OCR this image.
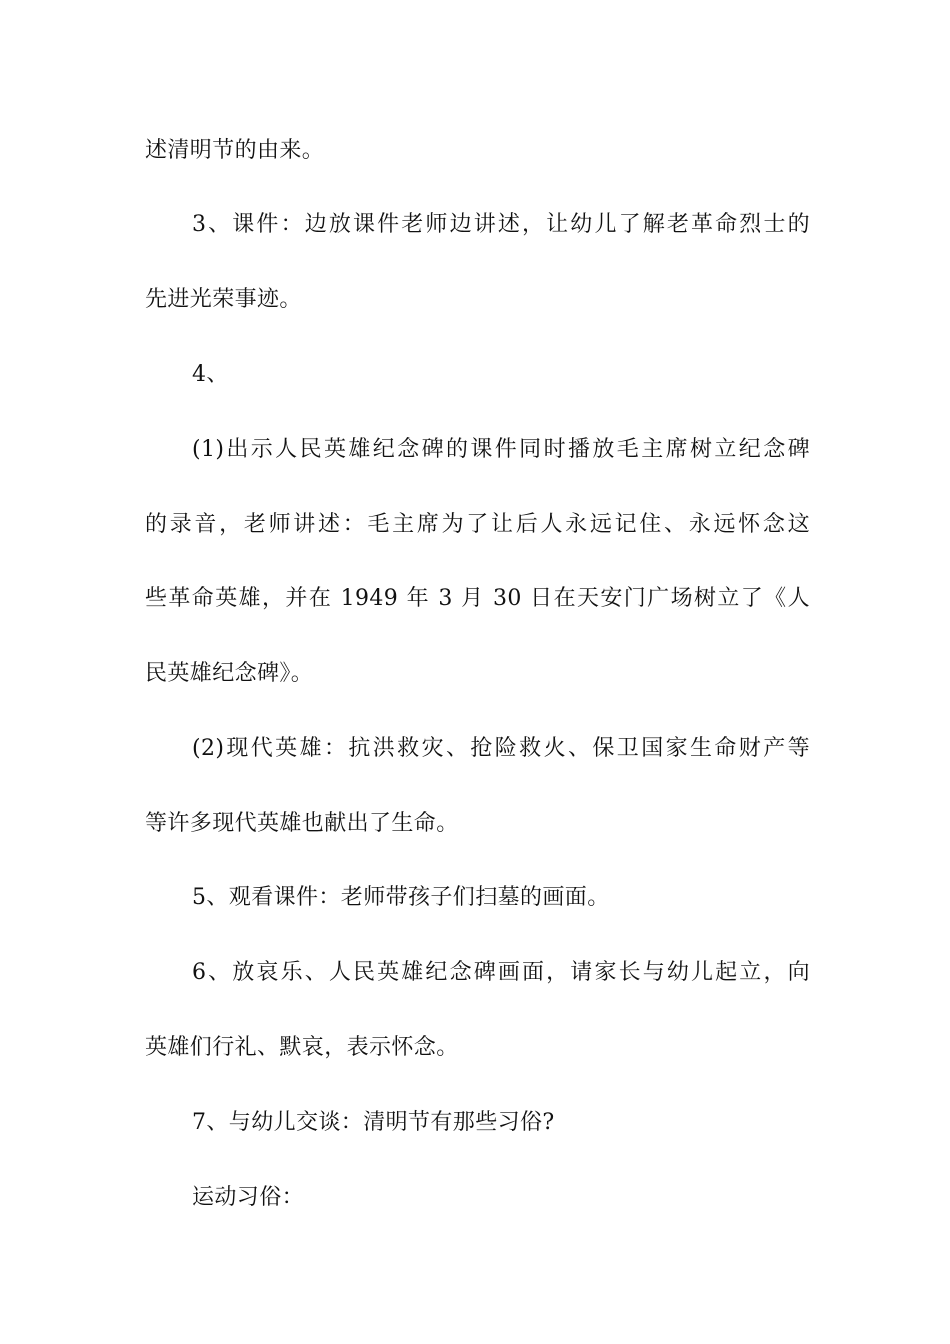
述清明节的由来。
3、课件：边放课件老师边讲述，让幼儿了解老革命烈士的
先进光荣事迹。
4、
(1)出示人民英雄纪念碑的课件同时播放毛主席树立纪念碑
的录音，老师讲述：毛主席为了让后人永远记住、永远怀念这
些革命英雄，并在 1949 年 3 月 30 日在天安门广场树立了《人
民英雄纪念碑》。
(2)现代英雄：抗洪救灾、抢险救火、保卫国家生命财产等
等许多现代英雄也献出了生命。
5、观看课件：老师带孩子们扫墓的画面。
6、放哀乐、人民英雄纪念碑画面，请家长与幼儿起立，向
英雄们行礼、默哀，表示怀念。
7、与幼儿交谈：清明节有那些习俗?
运动习俗：
